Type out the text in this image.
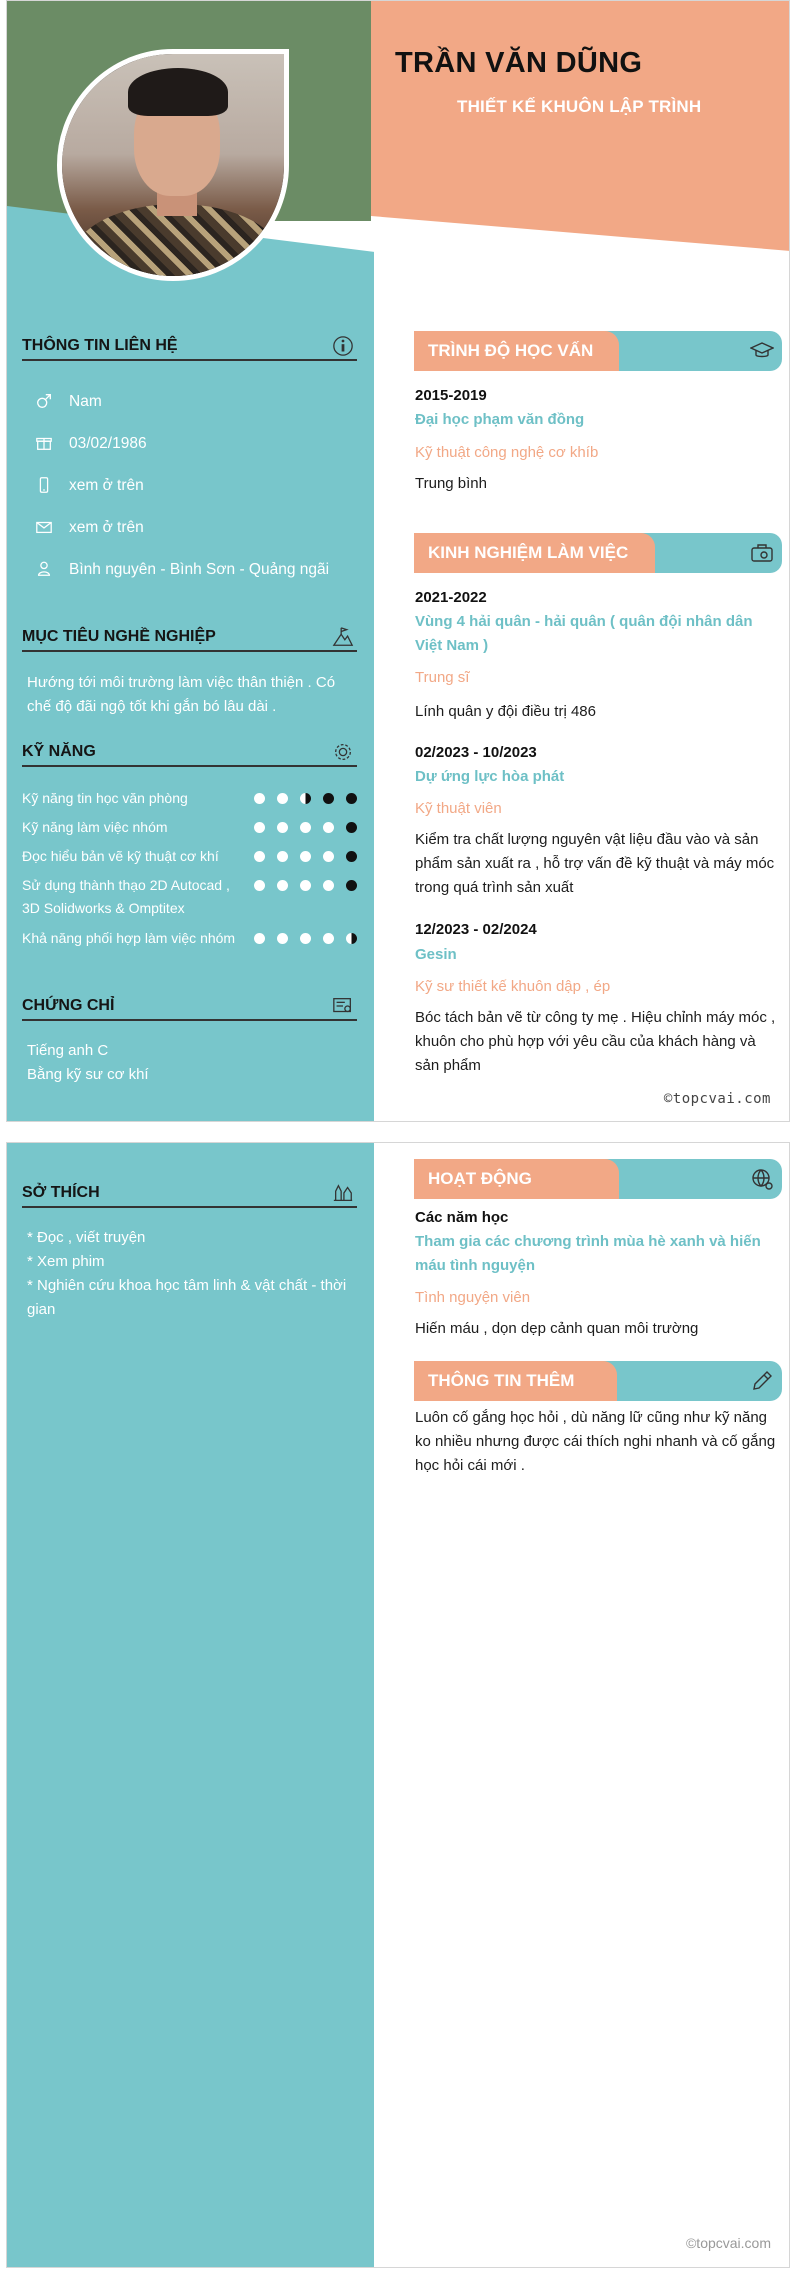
TRẦN VĂN DŨNG
THIẾT KẾ KHUÔN LẬP TRÌNH
THÔNG TIN LIÊN HỆ
Nam
03/02/1986
xem ở trên
xem ở trên
Bình nguyên - Bình Sơn - Quảng ngãi
MỤC TIÊU NGHỀ NGHIỆP
Hướng tới môi trường làm việc thân thiện . Có chế độ đãi ngộ tốt khi gắn bó lâu dài .
KỸ NĂNG
Kỹ năng tin học văn phòng
Kỹ năng làm việc nhóm
Đọc hiểu bản vẽ kỹ thuật cơ khí
Sử dụng thành thạo 2D Autocad , 3D Solidworks & Omptitex
Khả năng phối hợp làm việc nhóm
CHỨNG CHỈ
Tiếng anh C
Bằng kỹ sư cơ khí
TRÌNH ĐỘ HỌC VẤN
2015-2019
Đại học phạm văn đồng
Kỹ thuật công nghệ cơ khíb
Trung bình
KINH NGHIỆM LÀM VIỆC
2021-2022
Vùng 4 hải quân - hải quân ( quân đội nhân dân Việt Nam )
Trung sĩ
Lính quân y đội điều trị 486
02/2023 - 10/2023
Dự ứng lực hòa phát
Kỹ thuật viên
Kiểm tra chất lượng nguyên vật liệu đầu vào và sản phẩm sản xuất ra , hỗ trợ vấn đề kỹ thuật và máy móc trong quá trình sản xuất
12/2023 - 02/2024
Gesin
Kỹ sư thiết kế khuôn dập , ép
Bóc tách bản vẽ từ công ty mẹ . Hiệu chỉnh máy móc , khuôn cho phù hợp với yêu cầu của khách hàng và sản phẩm
©topcvai.com
SỞ THÍCH
* Đọc , viết truyện
* Xem phim
* Nghiên cứu khoa học tâm linh & vật chất - thời gian
HOẠT ĐỘNG
Các năm học
Tham gia các chương trình mùa hè xanh và hiến máu tình nguyện
Tình nguyện viên
Hiến máu , dọn dẹp cảnh quan môi trường
THÔNG TIN THÊM
Luôn cố gắng học hỏi , dù năng lữ cũng như kỹ năng ko nhiều nhưng được cái thích nghi nhanh và cố gắng học hỏi cái mới .
©topcvai.com
